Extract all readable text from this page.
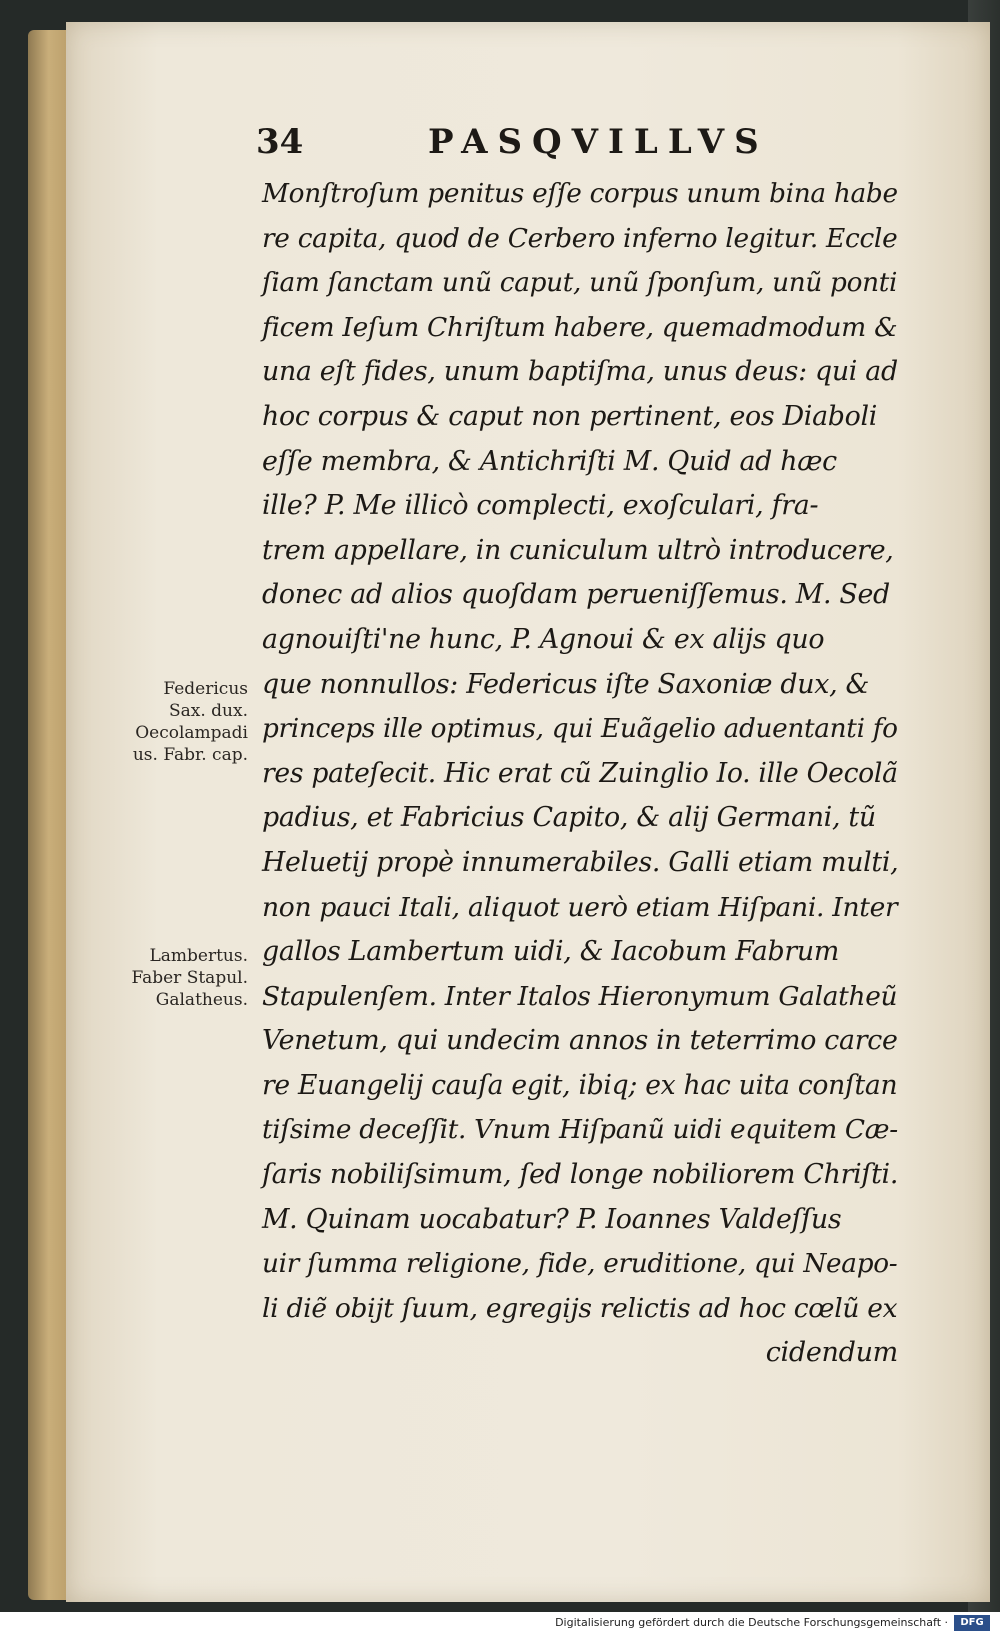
34	PASQVILLVS
Monſtroſum penitus eſſe corpus unum bina habe
re capita, quod de Cerbero inferno legitur. Eccle
ſiam ſanctam unũ caput, unũ ſponſum, unũ ponti
ficem Ieſum Chriſtum habere, quemadmodum &
una eſt fides, unum baptiſma, unus deus: qui ad
hoc corpus & caput non pertinent, eos Diaboli
eſſe membra, & Antichriſti M. Quid ad hæc
ille? P. Me illicò complecti, exoſculari, fra-
trem appellare, in cuniculum ultrò introducere,
donec ad alios quoſdam perueniſſemus. M. Sed
agnouiſti'ne hunc, P. Agnoui & ex alijs quo
que nonnullos: Federicus iſte Saxoniæ dux, &
princeps ille optimus, qui Euãgelio aduentanti fo
res pateſecit. Hic erat cũ Zuinglio Io. ille Oecolã
padius, et Fabricius Capito, & alij Germani, tũ
Heluetij propè innumerabiles. Galli etiam multi,
non pauci Itali, aliquot uerò etiam Hiſpani. Inter
gallos Lambertum uidi, & Iacobum Fabrum
Stapulenſem. Inter Italos Hieronymum Galatheũ
Venetum, qui undecim annos in teterrimo carce
re Euangelij cauſa egit, ibiq; ex hac uita conſtan
tiſsime deceſſit. Vnum Hiſpanũ uidi equitem Cæ-
ſaris nobiliſsimum, ſed longe nobiliorem Chriſti.
M. Quinam uocabatur? P. Ioannes Valdeſſus
uir ſumma religione, fide, eruditione, qui Neapo-
li diẽ obijt ſuum, egregijs relictis ad hoc cœlũ ex
cidendum
Federicus
Sax. dux.
Oecolampadi
us. Fabr. cap.
Lambertus.
Faber Stapul.
Galatheus.
Digitalisierung gefördert durch die Deutsche Forschungsgemeinschaft ·	DFG
